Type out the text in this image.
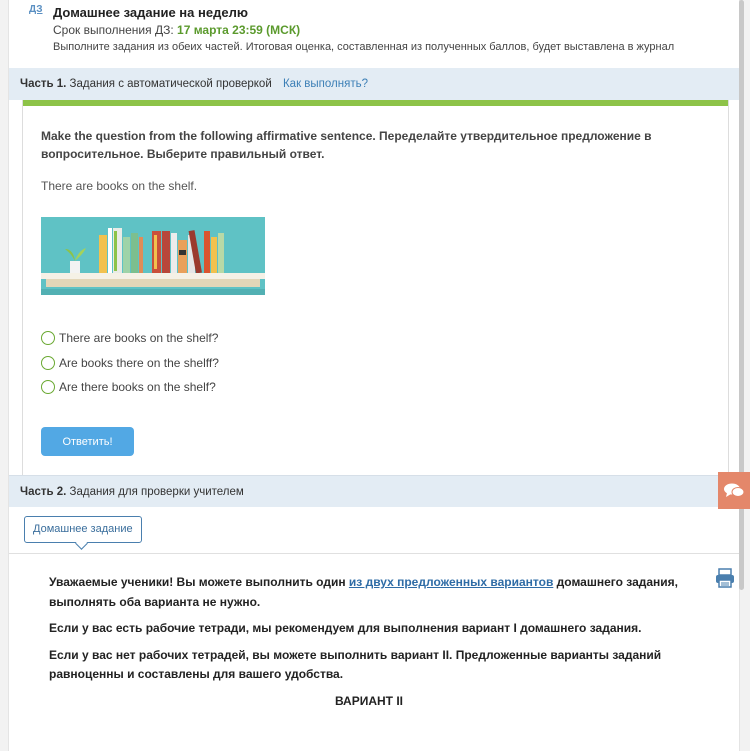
ДЗ Домашнее задание на неделю
Срок выполнения ДЗ: 17 марта 23:59 (МСК)
Выполните задания из обеих частей. Итоговая оценка, составленная из полученных баллов, будет выставлена в журнал
Часть 1. Задания с автоматической проверкой Как выполнять?
Make the question from the following affirmative sentence. Переделайте утвердительное предложение в вопросительное. Выберите правильный ответ.
There are books on the shelf.
There are books on the shelf?
Are books there on the shelff?
Are there books on the shelf?
Ответить!
Часть 2. Задания для проверки учителем
Домашнее задание

Уважаемые ученики! Вы можете выполнить один из двух предложенных вариантов домашнего задания, выполнять оба варианта не нужно.

Если у вас есть рабочие тетради, мы рекомендуем для выполнения вариант I домашнего задания.

Если у вас нет рабочих тетрадей, вы можете выполнить вариант II. Предложенные варианты заданий равноценны и составлены для вашего удобства.

ВАРИАНТ II
